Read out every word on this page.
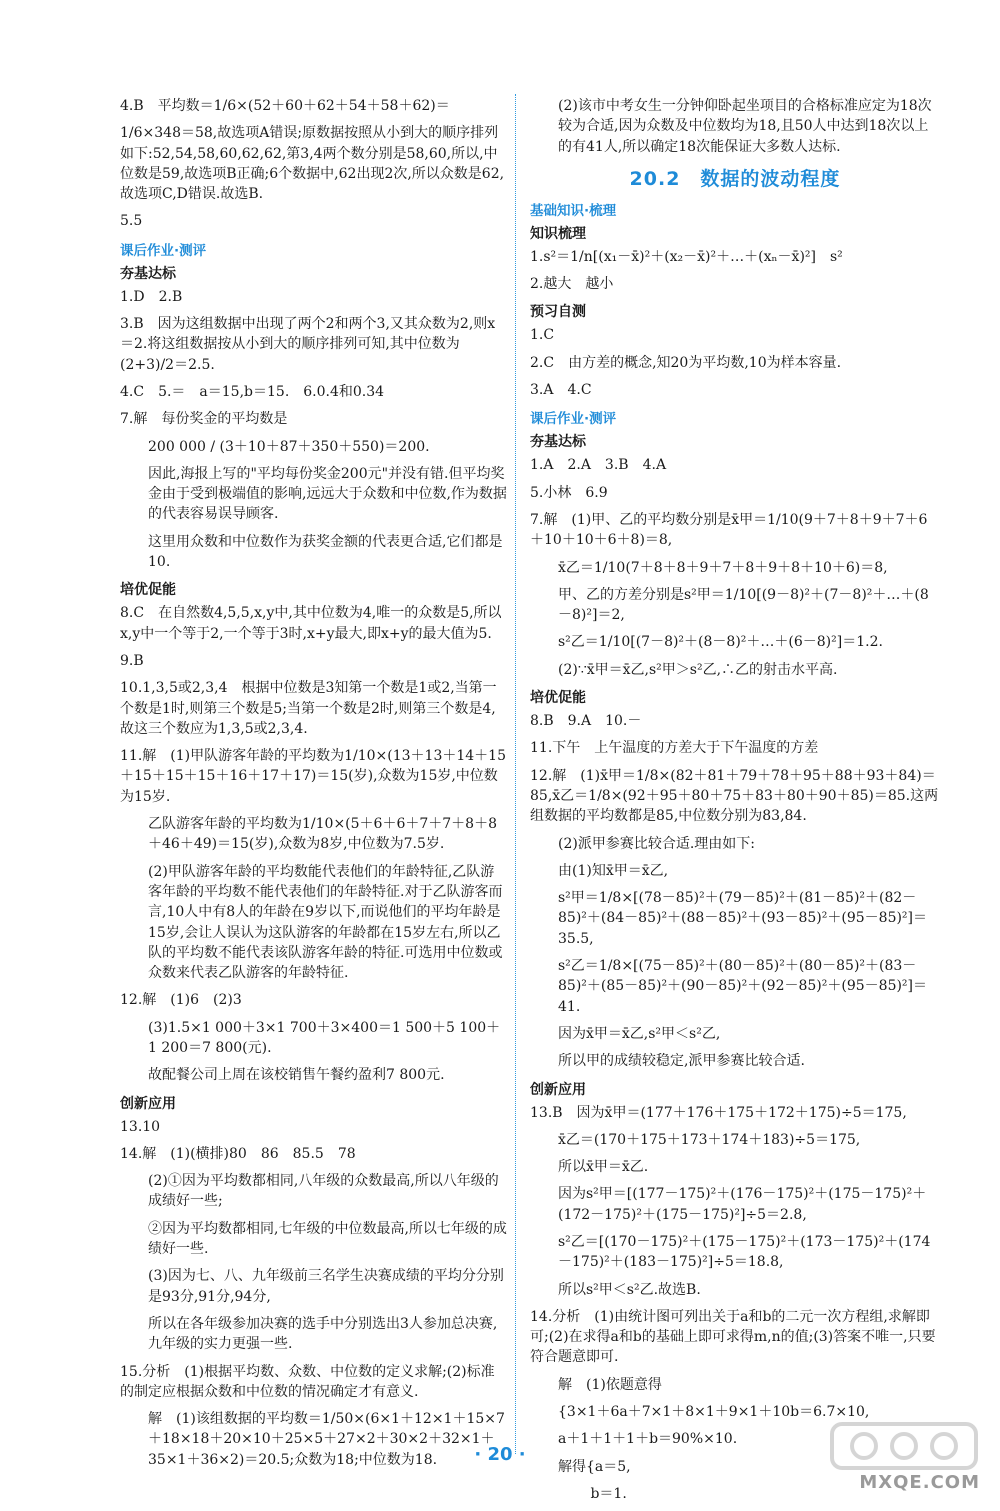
4.B　平均数＝1/6×(52＋60＋62＋54＋58＋62)＝
1/6×348＝58,故选项A错误;原数据按照从小到大的顺序排列如下:52,54,58,60,62,62,第3,4两个数分别是58,60,所以,中位数是59,故选项B正确;6个数据中,62出现2次,所以众数是62,故选项C,D错误.故选B.
5.5
课后作业·测评
夯基达标
1.D　2.B
3.B　因为这组数据中出现了两个2和两个3,又其众数为2,则x＝2.将这组数据按从小到大的顺序排列可知,其中位数为(2+3)/2＝2.5.
4.C　5.＝　a＝15,b＝15.　6.0.4和0.34
7.解　每份奖金的平均数是
200 000 / (3＋10＋87＋350＋550)＝200.
因此,海报上写的"平均每份奖金200元"并没有错.但平均奖金由于受到极端值的影响,远远大于众数和中位数,作为数据的代表容易误导顾客.
这里用众数和中位数作为获奖金额的代表更合适,它们都是10.
培优促能
8.C　在自然数4,5,5,x,y中,其中位数为4,唯一的众数是5,所以x,y中一个等于2,一个等于3时,x+y最大,即x+y的最大值为5.
9.B
10.1,3,5或2,3,4　根据中位数是3知第一个数是1或2,当第一个数是1时,则第三个数是5;当第一个数是2时,则第三个数是4,故这三个数应为1,3,5或2,3,4.
11.解　(1)甲队游客年龄的平均数为1/10×(13＋13＋14＋15＋15＋15＋15＋16＋17＋17)＝15(岁),众数为15岁,中位数为15岁.
乙队游客年龄的平均数为1/10×(5＋6＋6＋7＋7＋8＋8＋46＋49)＝15(岁),众数为8岁,中位数为7.5岁.
(2)甲队游客年龄的平均数能代表他们的年龄特征,乙队游客年龄的平均数不能代表他们的年龄特征.对于乙队游客而言,10人中有8人的年龄在9岁以下,而说他们的平均年龄是15岁,会让人误认为这队游客的年龄都在15岁左右,所以乙队的平均数不能代表该队游客年龄的特征.可选用中位数或众数来代表乙队游客的年龄特征.
12.解　(1)6　(2)3
(3)1.5×1 000＋3×1 700＋3×400＝1 500＋5 100＋1 200＝7 800(元).
故配餐公司上周在该校销售午餐约盈利7 800元.
创新应用
13.10
14.解　(1)(横排)80　86　85.5　78
(2)①因为平均数都相同,八年级的众数最高,所以八年级的成绩好一些;
②因为平均数都相同,七年级的中位数最高,所以七年级的成绩好一些.
(3)因为七、八、九年级前三名学生决赛成绩的平均分分别是93分,91分,94分,
所以在各年级参加决赛的选手中分别选出3人参加总决赛,九年级的实力更强一些.
15.分析　(1)根据平均数、众数、中位数的定义求解;(2)标准的制定应根据众数和中位数的情况确定才有意义.
解　(1)该组数据的平均数＝1/50×(6×1＋12×1＋15×7＋18×18＋20×10＋25×5＋27×2＋30×2＋32×1＋35×1＋36×2)＝20.5;众数为18;中位数为18.
(2)该市中考女生一分钟仰卧起坐项目的合格标准应定为18次较为合适,因为众数及中位数均为18,且50人中达到18次以上的有41人,所以确定18次能保证大多数人达标.
20.2　数据的波动程度
基础知识·梳理
知识梳理
1.s²＝1/n[(x₁－x̄)²＋(x₂－x̄)²＋…＋(xₙ－x̄)²]　s²
2.越大　越小
预习自测
1.C
2.C　由方差的概念,知20为平均数,10为样本容量.
3.A　4.C
课后作业·测评
夯基达标
1.A　2.A　3.B　4.A
5.小林　6.9
7.解　(1)甲、乙的平均数分别是x̄甲＝1/10(9＋7＋8＋9＋7＋6＋10＋10＋6＋8)＝8,
x̄乙＝1/10(7＋8＋8＋9＋7＋8＋9＋8＋10＋6)＝8,
甲、乙的方差分别是s²甲＝1/10[(9－8)²＋(7－8)²＋…＋(8－8)²]＝2,
s²乙＝1/10[(7－8)²＋(8－8)²＋…＋(6－8)²]＝1.2.
(2)∵x̄甲＝x̄乙,s²甲＞s²乙,∴乙的射击水平高.
培优促能
8.B　9.A　10.－
11.下午　上午温度的方差大于下午温度的方差
12.解　(1)x̄甲＝1/8×(82＋81＋79＋78＋95＋88＋93＋84)＝85,x̄乙＝1/8×(92＋95＋80＋75＋83＋80＋90＋85)＝85.这两组数据的平均数都是85,中位数分别为83,84.
(2)派甲参赛比较合适.理由如下:
由(1)知x̄甲＝x̄乙,
s²甲＝1/8×[(78－85)²＋(79－85)²＋(81－85)²＋(82－85)²＋(84－85)²＋(88－85)²＋(93－85)²＋(95－85)²]＝35.5,
s²乙＝1/8×[(75－85)²＋(80－85)²＋(80－85)²＋(83－85)²＋(85－85)²＋(90－85)²＋(92－85)²＋(95－85)²]＝41.
因为x̄甲＝x̄乙,s²甲＜s²乙,
所以甲的成绩较稳定,派甲参赛比较合适.
创新应用
13.B　因为x̄甲＝(177＋176＋175＋172＋175)÷5＝175,
x̄乙＝(170＋175＋173＋174＋183)÷5＝175,
所以x̄甲＝x̄乙.
因为s²甲＝[(177－175)²＋(176－175)²＋(175－175)²＋(172－175)²＋(175－175)²]÷5＝2.8,
s²乙＝[(170－175)²＋(175－175)²＋(173－175)²＋(174－175)²＋(183－175)²]÷5＝18.8,
所以s²甲＜s²乙.故选B.
14.分析　(1)由统计图可列出关于a和b的二元一次方程组,求解即可;(2)在求得a和b的基础上即可求得m,n的值;(3)答案不唯一,只要符合题意即可.
解　(1)依题意得
{3×1＋6a＋7×1＋8×1＋9×1＋10b＝6.7×10,
a＋1＋1＋1＋b＝90%×10.
解得{a＝5,
　　 b＝1.
· 20 ·
MXQE.COM
